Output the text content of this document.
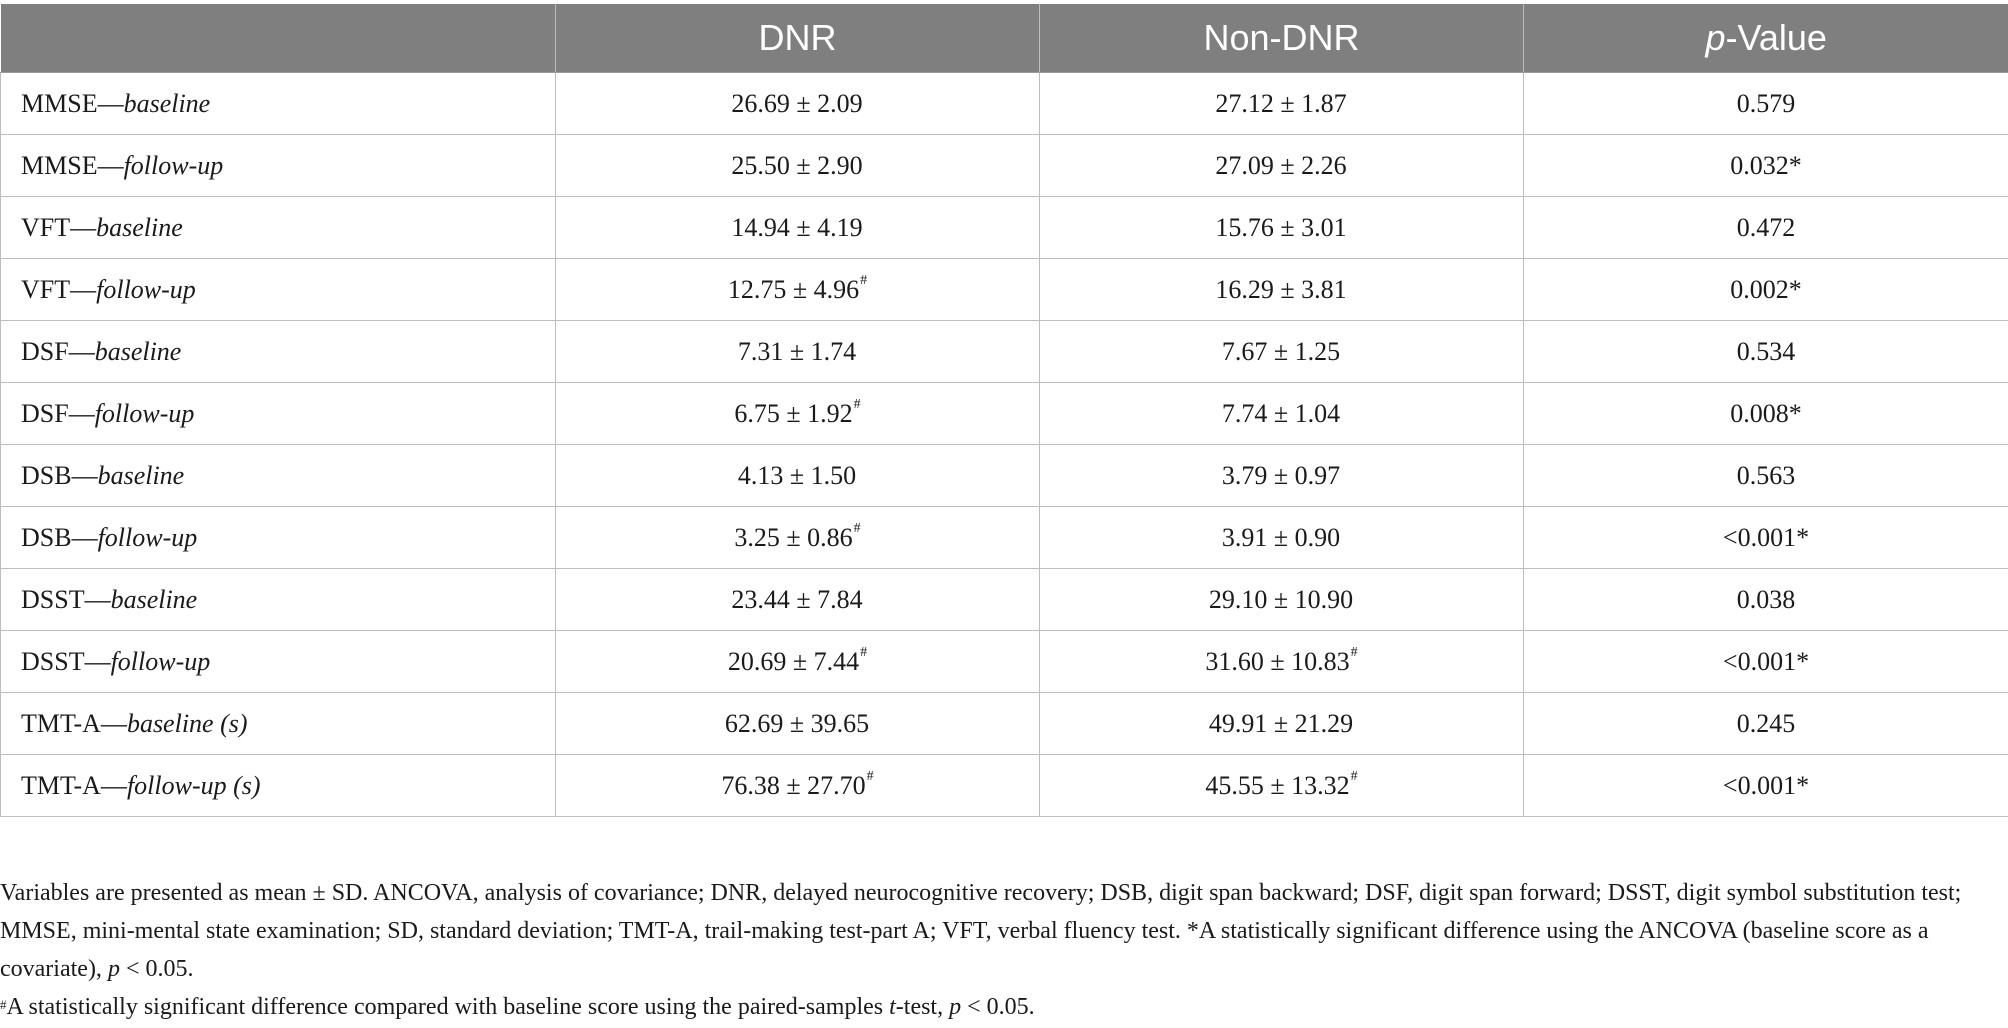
	DNR	Non-DNR	p-Value
MMSE—baseline	26.69 ± 2.09	27.12 ± 1.87	0.579
MMSE—follow-up	25.50 ± 2.90	27.09 ± 2.26	0.032*
VFT—baseline	14.94 ± 4.19	15.76 ± 3.01	0.472
VFT—follow-up	12.75 ± 4.96#	16.29 ± 3.81	0.002*
DSF—baseline	7.31 ± 1.74	7.67 ± 1.25	0.534
DSF—follow-up	6.75 ± 1.92#	7.74 ± 1.04	0.008*
DSB—baseline	4.13 ± 1.50	3.79 ± 0.97	0.563
DSB—follow-up	3.25 ± 0.86#	3.91 ± 0.90	<0.001*
DSST—baseline	23.44 ± 7.84	29.10 ± 10.90	0.038
DSST—follow-up	20.69 ± 7.44#	31.60 ± 10.83#	<0.001*
TMT-A—baseline (s)	62.69 ± 39.65	49.91 ± 21.29	0.245
TMT-A—follow-up (s)	76.38 ± 27.70#	45.55 ± 13.32#	<0.001*

Variables are presented as mean ± SD. ANCOVA, analysis of covariance; DNR, delayed neurocognitive recovery; DSB, digit span backward; DSF, digit span forward; DSST, digit symbol substitution test; MMSE, mini-mental state examination; SD, standard deviation; TMT-A, trail-making test-part A; VFT, verbal fluency test. *A statistically significant difference using the ANCOVA (baseline score as a covariate), p < 0.05.

#A statistically significant difference compared with baseline score using the paired-samples t-test, p < 0.05.
